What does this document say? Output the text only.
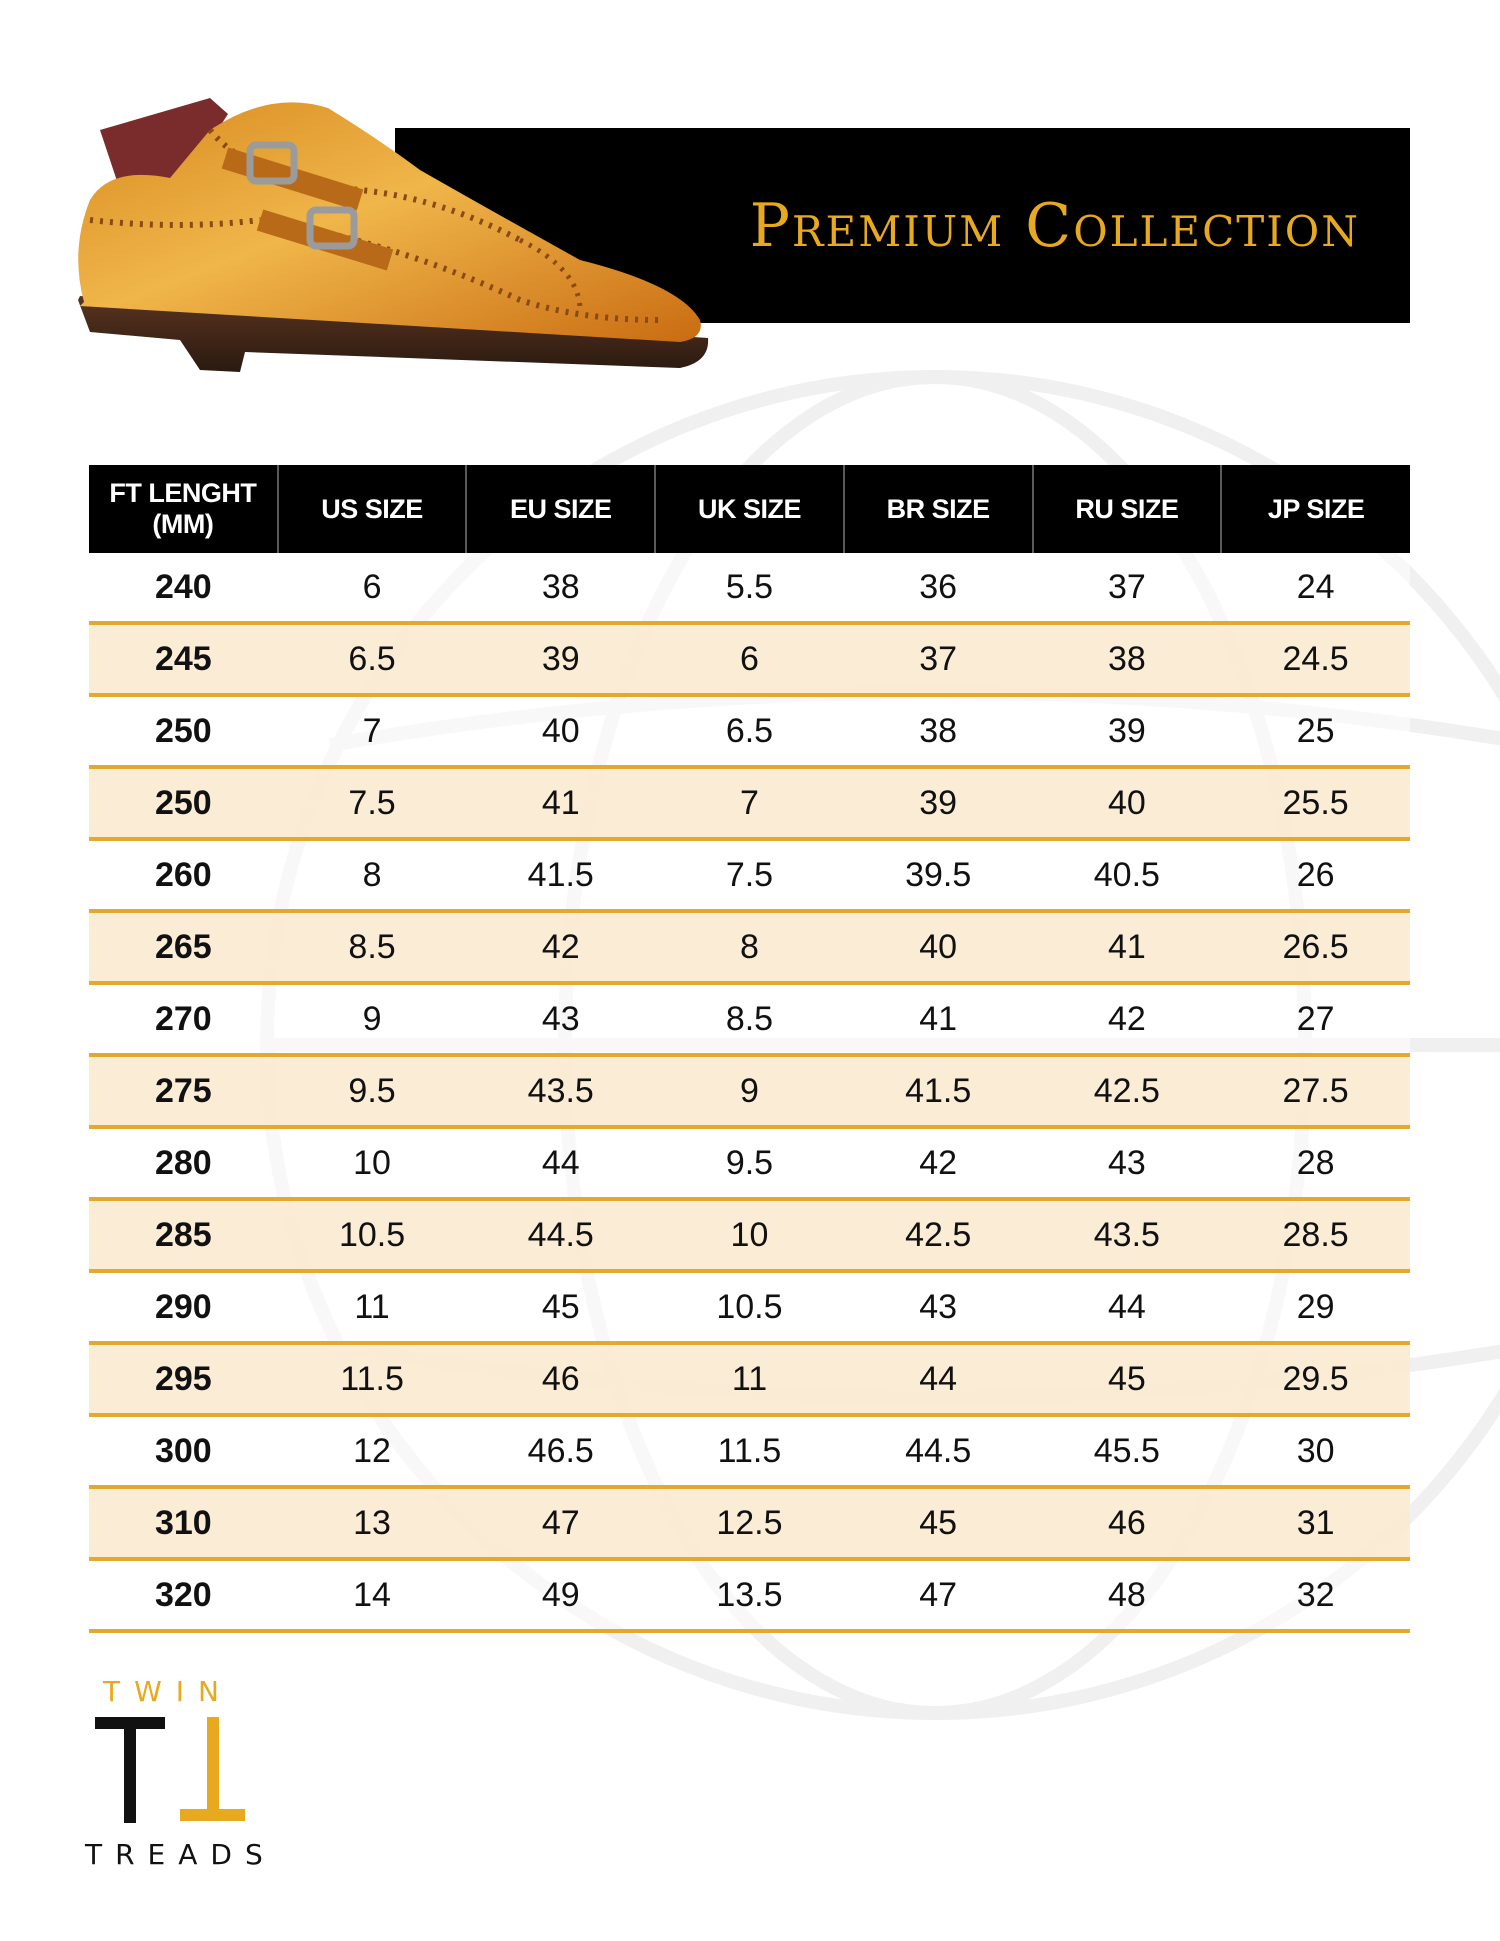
Premium Collection
FT LENGHT (MM)	US SIZE	EU SIZE	UK SIZE	BR SIZE	RU SIZE	JP SIZE
240	6	38	5.5	36	37	24
245	6.5	39	6	37	38	24.5
250	7	40	6.5	38	39	25
250	7.5	41	7	39	40	25.5
260	8	41.5	7.5	39.5	40.5	26
265	8.5	42	8	40	41	26.5
270	9	43	8.5	41	42	27
275	9.5	43.5	9	41.5	42.5	27.5
280	10	44	9.5	42	43	28
285	10.5	44.5	10	42.5	43.5	28.5
290	11	45	10.5	43	44	29
295	11.5	46	11	44	45	29.5
300	12	46.5	11.5	44.5	45.5	30
310	13	47	12.5	45	46	31
320	14	49	13.5	47	48	32
TWIN
TREADS
